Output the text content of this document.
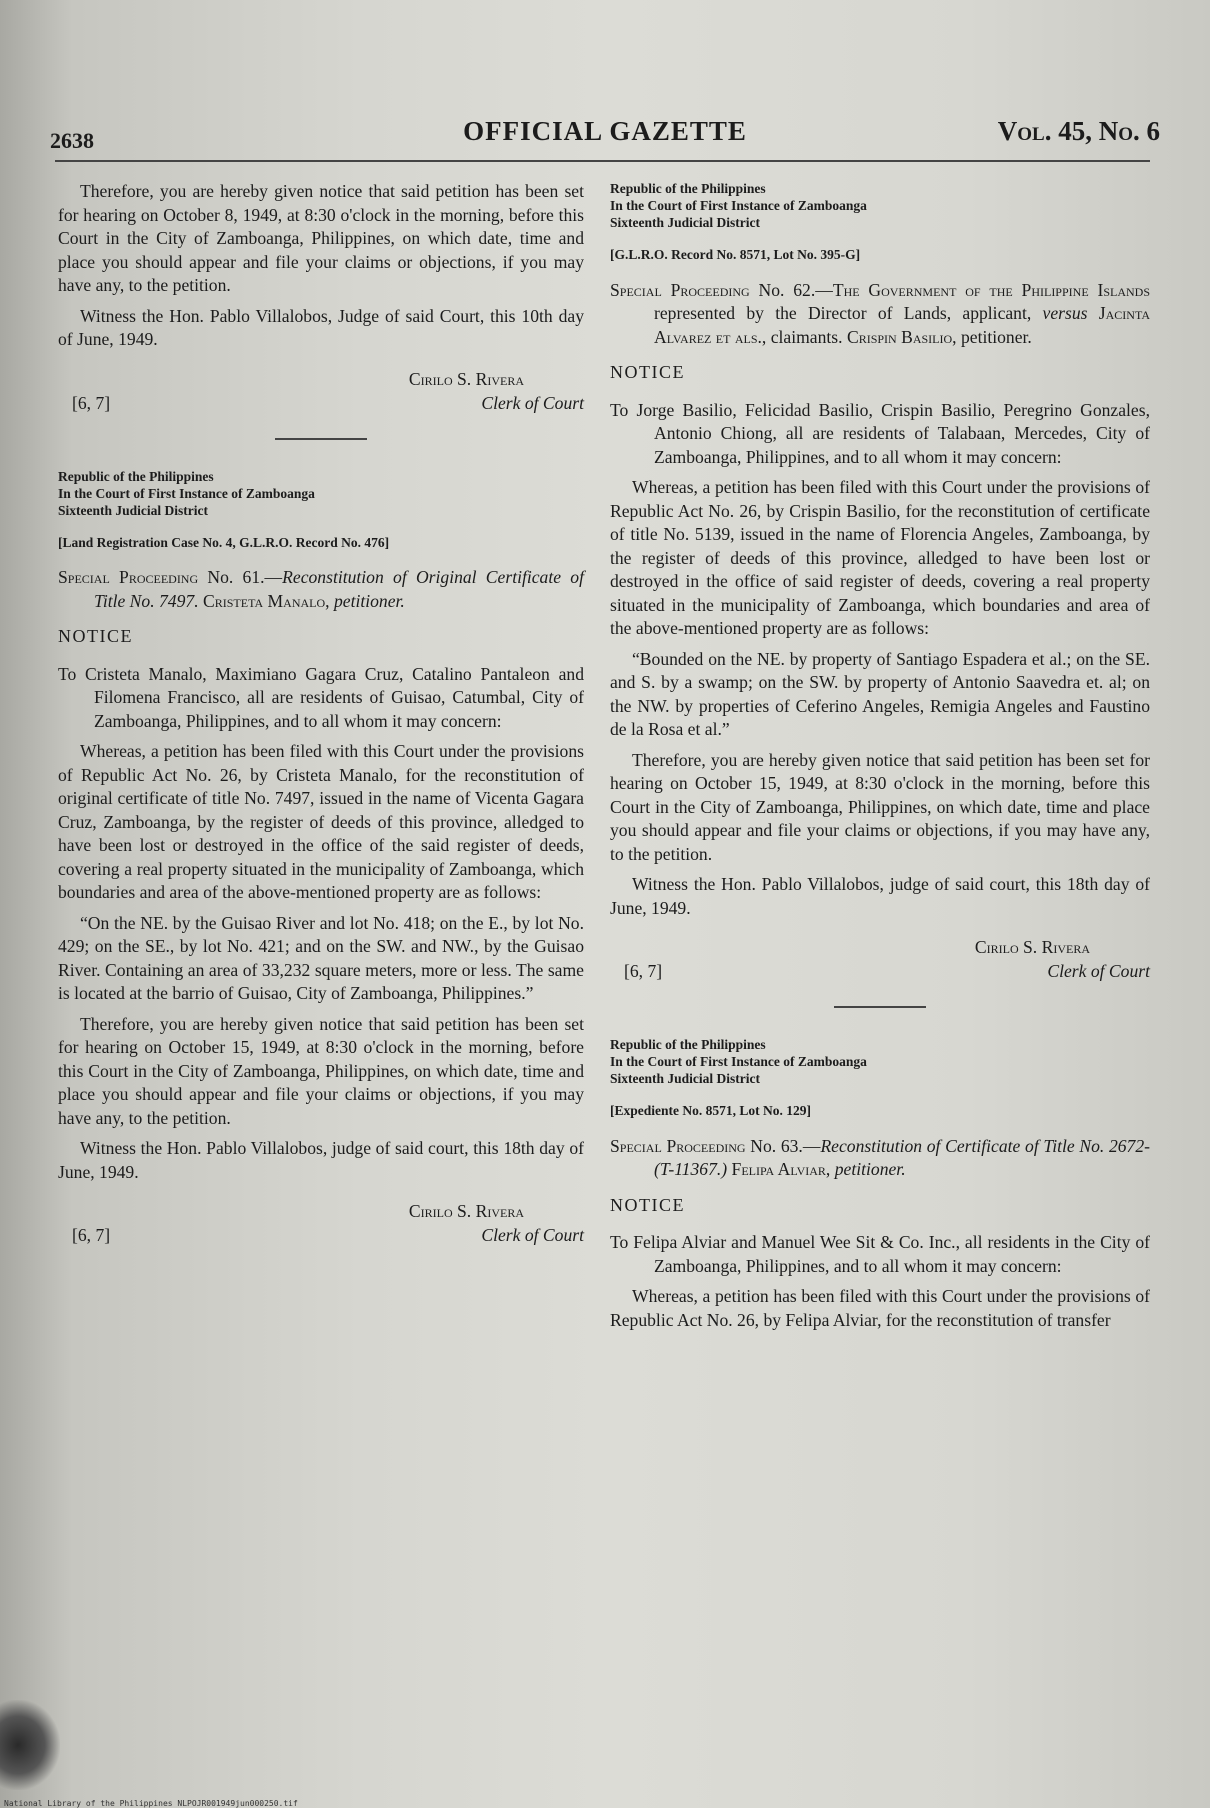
2638	OFFICIAL GAZETTE	Vol. 45, No. 6

Therefore, you are hereby given notice that said petition has been set for hearing on October 8, 1949, at 8:30 o'clock in the morning, before this Court in the City of Zamboanga, Philippines, on which date, time and place you should appear and file your claims or objections, if you may have any, to the petition.

Witness the Hon. Pablo Villalobos, Judge of said Court, this 10th day of June, 1949.

[6, 7]
Cirilo S. Rivera
Clerk of Court

Republic of the Philippines

In the Court of First Instance of Zamboanga

Sixteenth Judicial District

[Land Registration Case No. 4, G.L.R.O. Record No. 476]

Special Proceeding No. 61.—Reconstitution of Original Certificate of Title No. 7497. Cristeta Manalo, petitioner.

NOTICE

To Cristeta Manalo, Maximiano Gagara Cruz, Catalino Pantaleon and Filomena Francisco, all are residents of Guisao, Catumbal, City of Zamboanga, Philippines, and to all whom it may concern:

Whereas, a petition has been filed with this Court under the provisions of Republic Act No. 26, by Cristeta Manalo, for the reconstitution of original certificate of title No. 7497, issued in the name of Vicenta Gagara Cruz, Zamboanga, by the register of deeds of this province, alledged to have been lost or destroyed in the office of the said register of deeds, covering a real property situated in the municipality of Zamboanga, which boundaries and area of the above-mentioned property are as follows:

“On the NE. by the Guisao River and lot No. 418; on the E., by lot No. 429; on the SE., by lot No. 421; and on the SW. and NW., by the Guisao River. Containing an area of 33,232 square meters, more or less. The same is located at the barrio of Guisao, City of Zamboanga, Philippines.”

Therefore, you are hereby given notice that said petition has been set for hearing on October 15, 1949, at 8:30 o'clock in the morning, before this Court in the City of Zamboanga, Philippines, on which date, time and place you should appear and file your claims or objections, if you may have any, to the petition.

Witness the Hon. Pablo Villalobos, judge of said court, this 18th day of June, 1949.

[6, 7]
Cirilo S. Rivera
Clerk of Court

Republic of the Philippines

In the Court of First Instance of Zamboanga

Sixteenth Judicial District

[G.L.R.O. Record No. 8571, Lot No. 395-G]

Special Proceeding No. 62.—The Government of the Philippine Islands represented by the Director of Lands, applicant, versus Jacinta Alvarez et als., claimants. Crispin Basilio, petitioner.

NOTICE

To Jorge Basilio, Felicidad Basilio, Crispin Basilio, Peregrino Gonzales, Antonio Chiong, all are residents of Talabaan, Mercedes, City of Zamboanga, Philippines, and to all whom it may concern:

Whereas, a petition has been filed with this Court under the provisions of Republic Act No. 26, by Crispin Basilio, for the reconstitution of certificate of title No. 5139, issued in the name of Florencia Angeles, Zamboanga, by the register of deeds of this province, alledged to have been lost or destroyed in the office of said register of deeds, covering a real property situated in the municipality of Zamboanga, which boundaries and area of the above-mentioned property are as follows:

“Bounded on the NE. by property of Santiago Espadera et al.; on the SE. and S. by a swamp; on the SW. by property of Antonio Saavedra et. al; on the NW. by properties of Ceferino Angeles, Remigia Angeles and Faustino de la Rosa et al.”

Therefore, you are hereby given notice that said petition has been set for hearing on October 15, 1949, at 8:30 o'clock in the morning, before this Court in the City of Zamboanga, Philippines, on which date, time and place you should appear and file your claims or objections, if you may have any, to the petition.

Witness the Hon. Pablo Villalobos, judge of said court, this 18th day of June, 1949.

[6, 7]
Cirilo S. Rivera
Clerk of Court

Republic of the Philippines

In the Court of First Instance of Zamboanga

Sixteenth Judicial District

[Expediente No. 8571, Lot No. 129]

Special Proceeding No. 63.—Reconstitution of Certificate of Title No. 2672-(T-11367.) Felipa Alviar, petitioner.

NOTICE

To Felipa Alviar and Manuel Wee Sit & Co. Inc., all residents in the City of Zamboanga, Philippines, and to all whom it may concern:

Whereas, a petition has been filed with this Court under the provisions of Republic Act No. 26, by Felipa Alviar, for the reconstitution of transfer

National Library of the Philippines NLPOJR001949jun000250.tif
